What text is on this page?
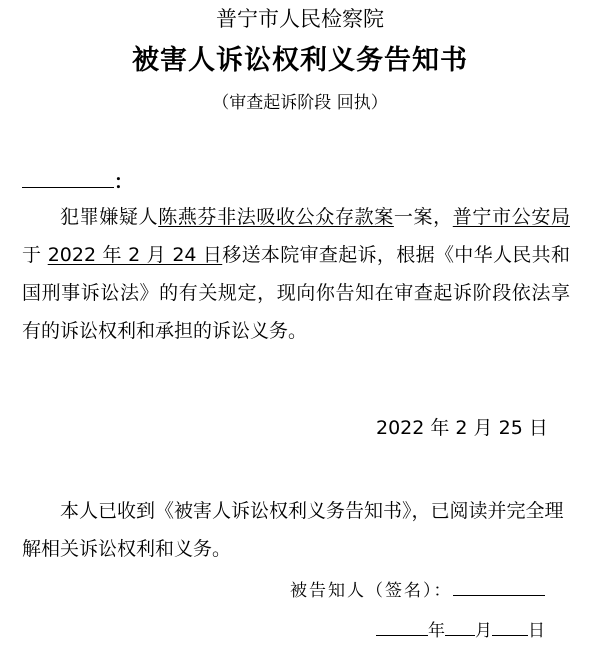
普宁市人民检察院
被害人诉讼权利义务告知书
（审查起诉阶段 回执）
：
犯罪嫌疑人陈燕芬非法吸收公众存款案一案，普宁市公安局于 2022 年 2 月 24 日移送本院审查起诉，根据《中华人民共和国刑事诉讼法》的有关规定，现向你告知在审查起诉阶段依法享有的诉讼权利和承担的诉讼义务。
2022 年 2 月 25 日
本人已收到《被害人诉讼权利义务告知书》，已阅读并完全理解相关诉讼权利和义务。
被告知人（签名）：
年 月 日
